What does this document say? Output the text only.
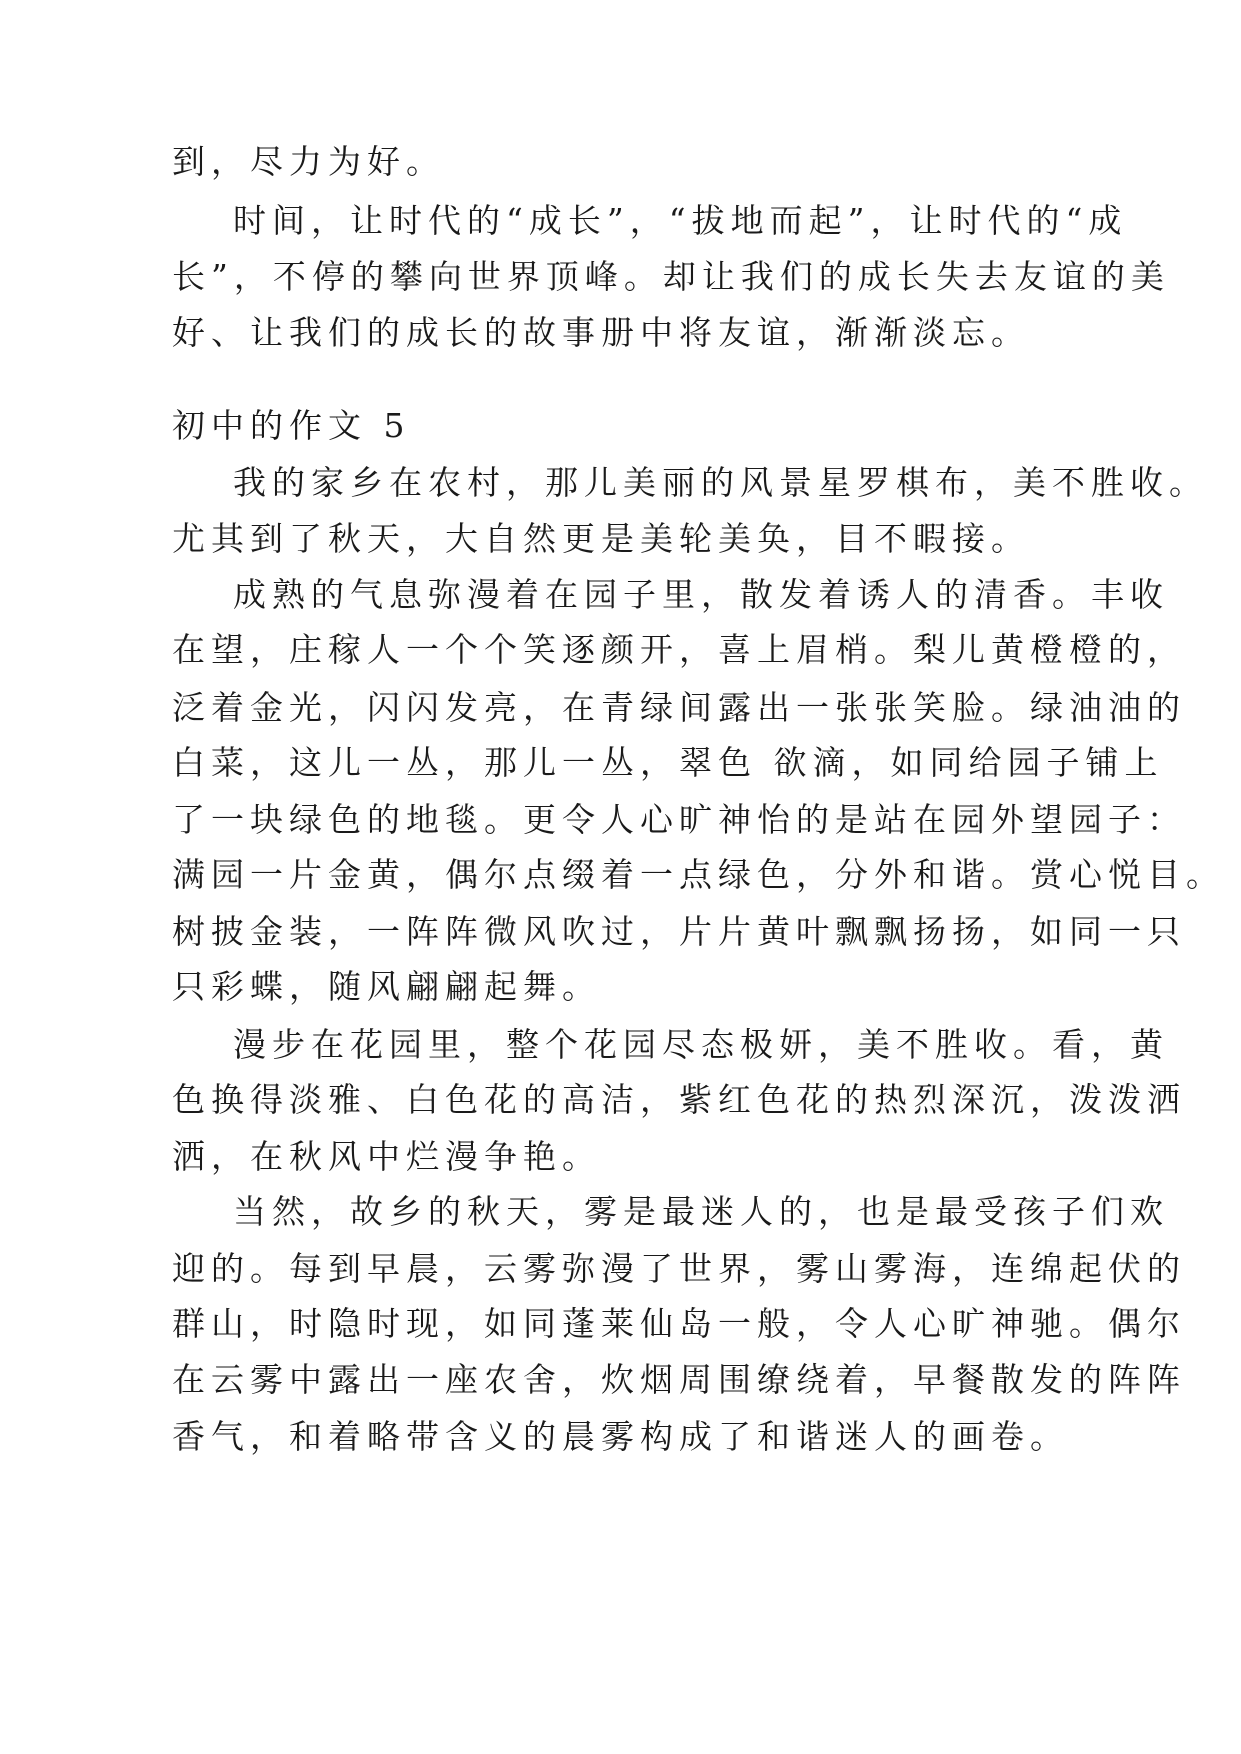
到，尽力为好。
时间，让时代的“成长”，“拔地而起”，让时代的“成
长”，不停的攀向世界顶峰。却让我们的成长失去友谊的美
好、让我们的成长的故事册中将友谊，渐渐淡忘。
初中的作文 5
我的家乡在农村，那儿美丽的风景星罗棋布，美不胜收。
尤其到了秋天，大自然更是美轮美奂，目不暇接。
成熟的气息弥漫着在园子里，散发着诱人的清香。丰收
在望，庄稼人一个个笑逐颜开，喜上眉梢。梨儿黄橙橙的，
泛着金光，闪闪发亮，在青绿间露出一张张笑脸。绿油油的
白菜，这儿一丛，那儿一丛，翠色 欲滴，如同给园子铺上
了一块绿色的地毯。更令人心旷神怡的是站在园外望园子：
满园一片金黄，偶尔点缀着一点绿色，分外和谐。赏心悦目。
树披金装，一阵阵微风吹过，片片黄叶飘飘扬扬，如同一只
只彩蝶，随风翩翩起舞。
漫步在花园里，整个花园尽态极妍，美不胜收。看，黄
色换得淡雅、白色花的高洁，紫红色花的热烈深沉，泼泼洒
洒，在秋风中烂漫争艳。
当然，故乡的秋天，雾是最迷人的，也是最受孩子们欢
迎的。每到早晨，云雾弥漫了世界，雾山雾海，连绵起伏的
群山，时隐时现，如同蓬莱仙岛一般，令人心旷神驰。偶尔
在云雾中露出一座农舍，炊烟周围缭绕着，早餐散发的阵阵
香气，和着略带含义的晨雾构成了和谐迷人的画卷。
